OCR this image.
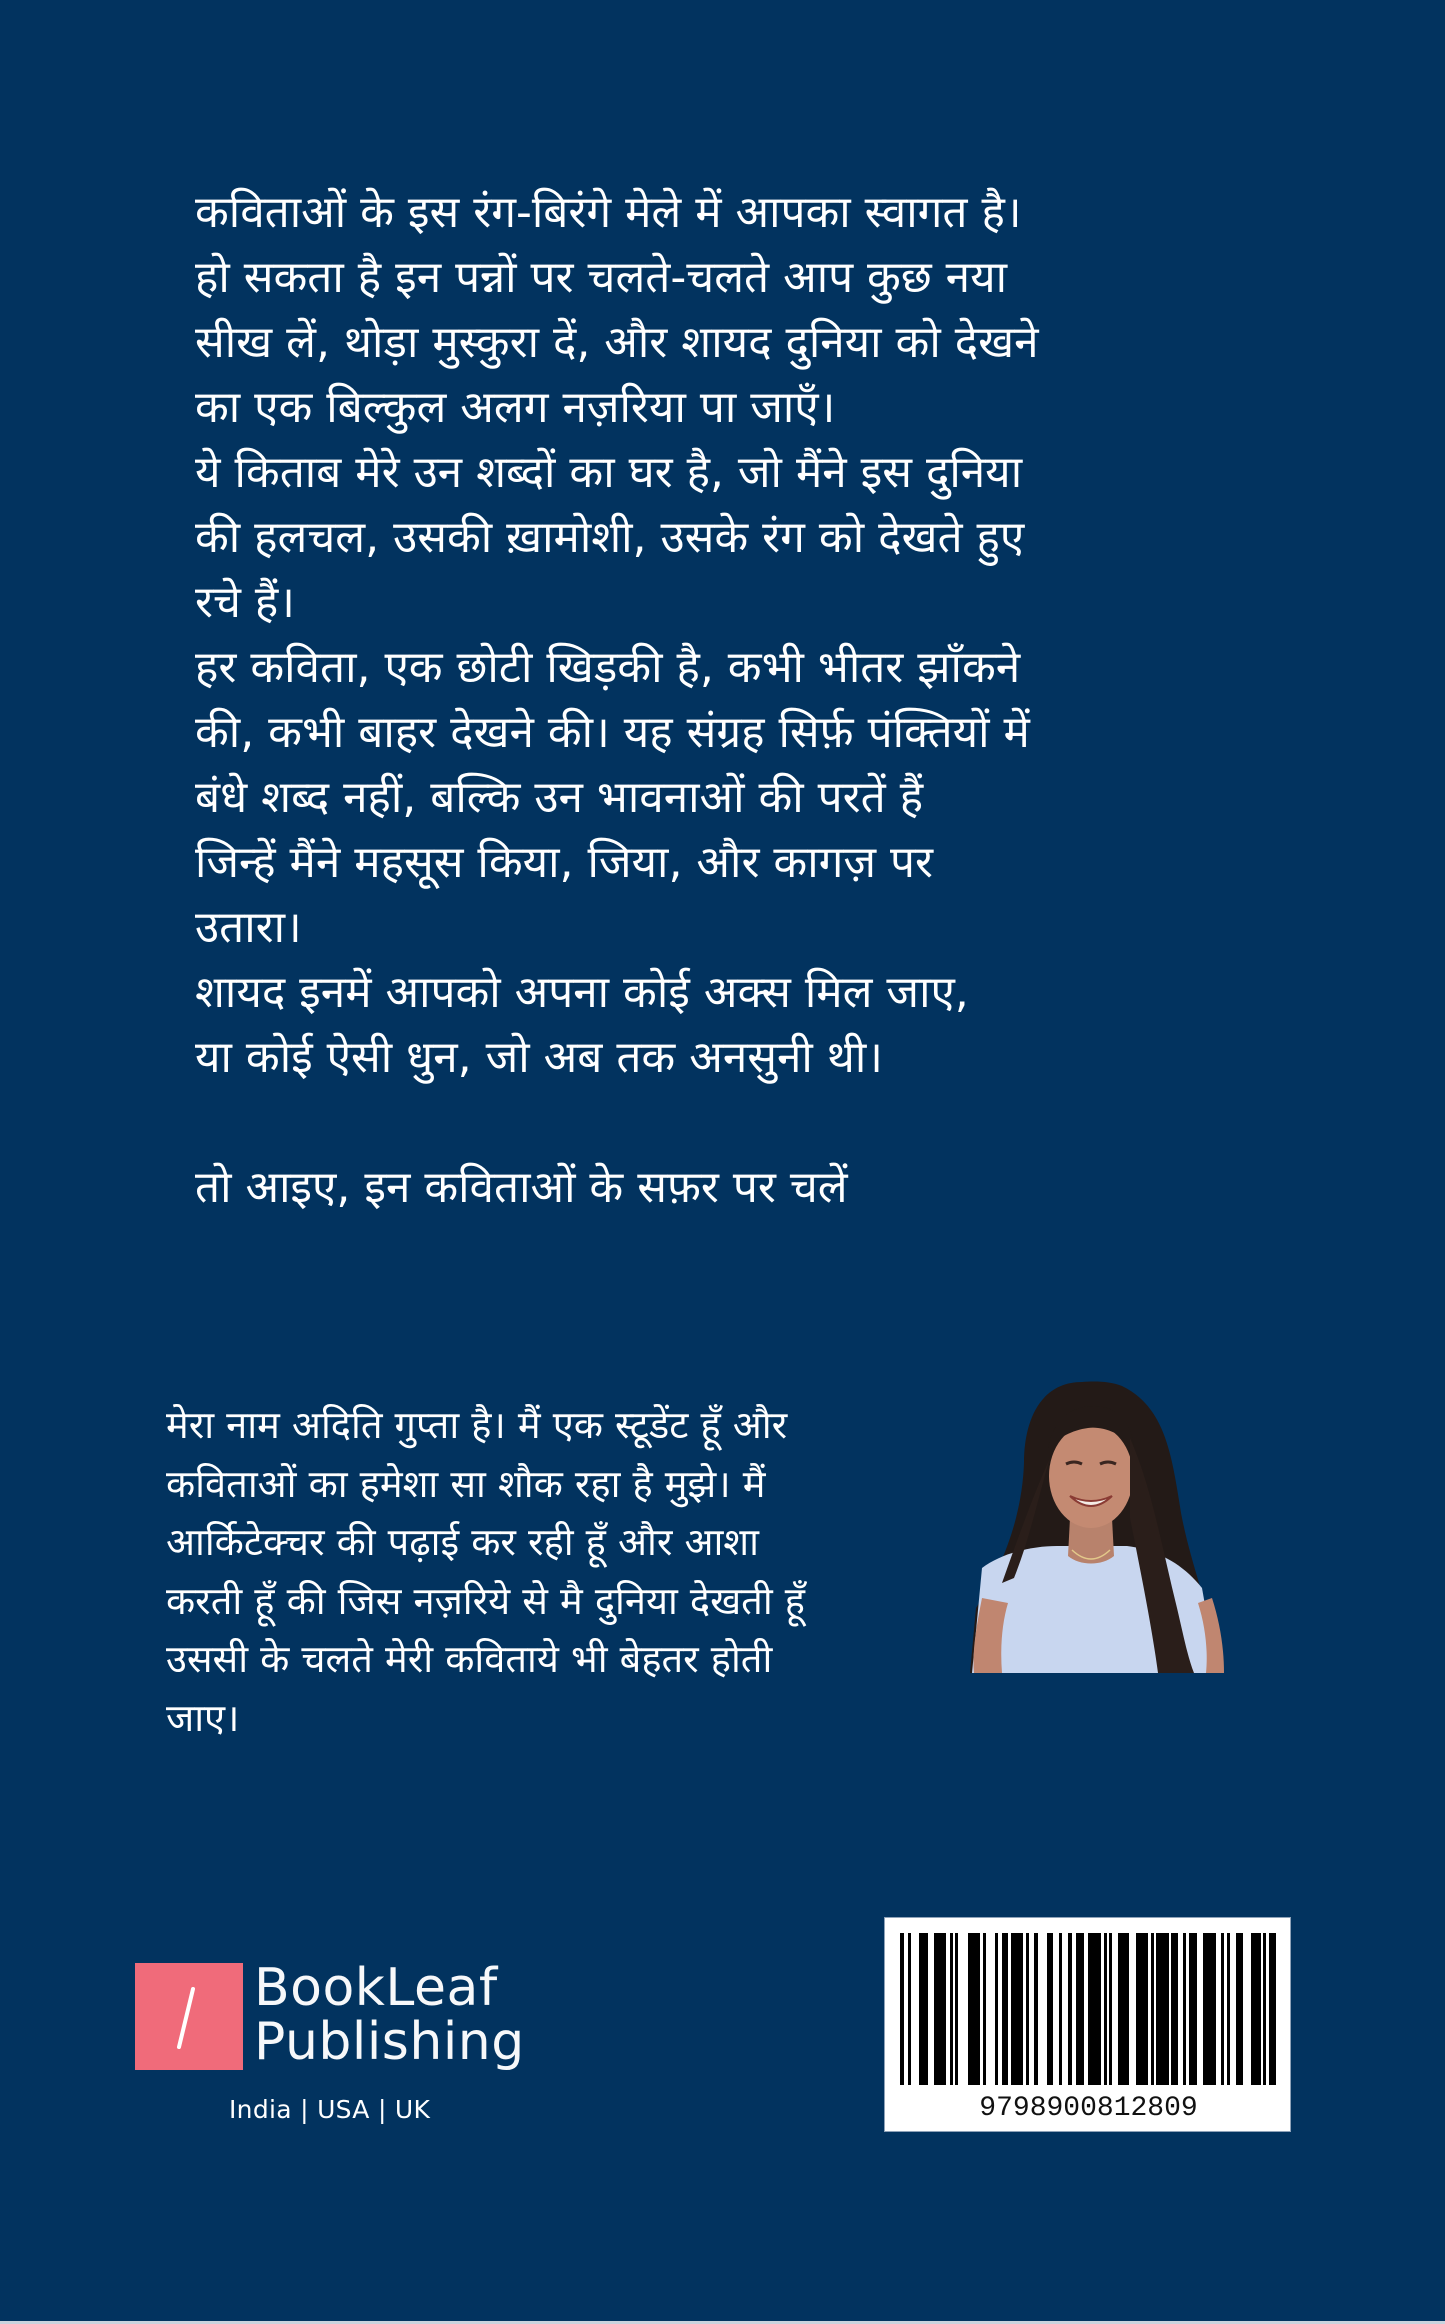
कविताओं के इस रंग-बिरंगे मेले में आपका स्वागत है।
हो सकता है इन पन्नों पर चलते-चलते आप कुछ नया
सीख लें, थोड़ा मुस्कुरा दें, और शायद दुनिया को देखने
का एक बिल्कुल अलग नज़रिया पा जाएँ।
ये किताब मेरे उन शब्दों का घर है, जो मैंने इस दुनिया
की हलचल, उसकी ख़ामोशी, उसके रंग को देखते हुए
रचे हैं।
हर कविता, एक छोटी खिड़की है, कभी भीतर झाँकने
की, कभी बाहर देखने की। यह संग्रह सिर्फ़ पंक्तियों में
बंधे शब्द नहीं, बल्कि उन भावनाओं की परतें हैं
जिन्हें मैंने महसूस किया, जिया, और कागज़ पर
उतारा।
शायद इनमें आपको अपना कोई अक्स मिल जाए,
या कोई ऐसी धुन, जो अब तक अनसुनी थी।
तो आइए, इन कविताओं के सफ़र पर चलें
मेरा नाम अदिति गुप्ता है। मैं एक स्टूडेंट हूँ और
कविताओं का हमेशा सा शौक रहा है मुझे। मैं
आर्किटेक्चर की पढ़ाई कर रही हूँ और आशा
करती हूँ की जिस नज़रिये से मै दुनिया देखती हूँ
उससी के चलते मेरी कविताये भी बेहतर होती
जाए।
BookLeaf
Publishing
India | USA | UK	9798900812809
